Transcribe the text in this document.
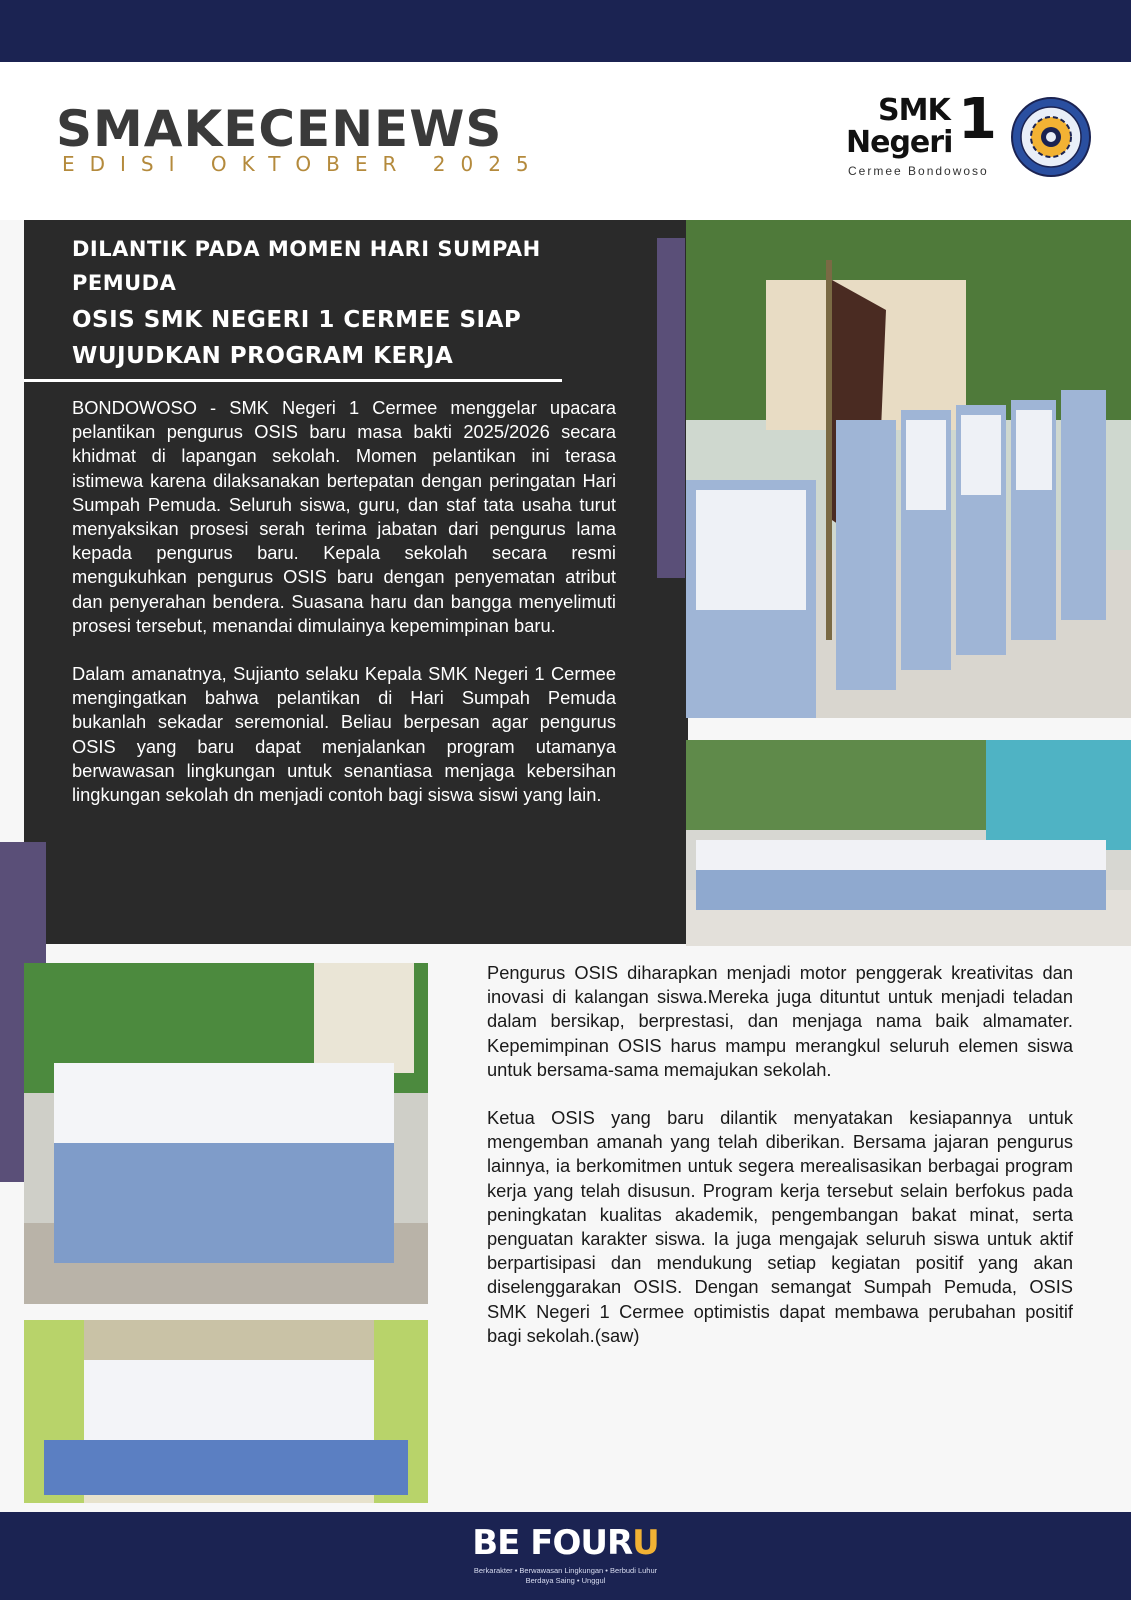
SMAKECENEWS
EDISI OKTOBER 2025
SMK 1
Negeri
Cermee Bondowoso
DILANTIK PADA MOMEN HARI SUMPAH PEMUDA
OSIS SMK NEGERI 1 CERMEE SIAP WUJUDKAN PROGRAM KERJA

BONDOWOSO - SMK Negeri 1 Cermee menggelar upacara pelantikan pengurus OSIS baru masa bakti 2025/2026 secara khidmat di lapangan sekolah. Momen pelantikan ini terasa istimewa karena dilaksanakan bertepatan dengan peringatan Hari Sumpah Pemuda. Seluruh siswa, guru, dan staf tata usaha turut menyaksikan prosesi serah terima jabatan dari pengurus lama kepada pengurus baru. Kepala sekolah secara resmi mengukuhkan pengurus OSIS baru dengan penyematan atribut dan penyerahan bendera. Suasana haru dan bangga menyelimuti prosesi tersebut, menandai dimulainya kepemimpinan baru.

Dalam amanatnya, Sujianto selaku Kepala SMK Negeri 1 Cermee mengingatkan bahwa pelantikan di Hari Sumpah Pemuda bukanlah sekadar seremonial. Beliau berpesan agar pengurus OSIS yang baru dapat menjalankan program utamanya berwawasan lingkungan untuk senantiasa menjaga kebersihan lingkungan sekolah dn menjadi contoh bagi siswa siswi yang lain.

Pengurus OSIS diharapkan menjadi motor penggerak kreativitas dan inovasi di kalangan siswa.Mereka juga dituntut untuk menjadi teladan dalam bersikap, berprestasi, dan menjaga nama baik almamater. Kepemimpinan OSIS harus mampu merangkul seluruh elemen siswa untuk bersama-sama memajukan sekolah.

Ketua OSIS yang baru dilantik menyatakan kesiapannya untuk mengemban amanah yang telah diberikan. Bersama jajaran pengurus lainnya, ia berkomitmen untuk segera merealisasikan berbagai program kerja yang telah disusun. Program kerja tersebut selain berfokus pada peningkatan kualitas akademik, pengembangan bakat minat, serta penguatan karakter siswa. Ia juga mengajak seluruh siswa untuk aktif berpartisipasi dan mendukung setiap kegiatan positif yang akan diselenggarakan OSIS. Dengan semangat Sumpah Pemuda, OSIS SMK Negeri 1 Cermee optimistis dapat membawa perubahan positif bagi sekolah.(saw)

BE FOURU
Berkarakter • Berwawasan Lingkungan • Berbudi Luhur
Berdaya Saing • Unggul
